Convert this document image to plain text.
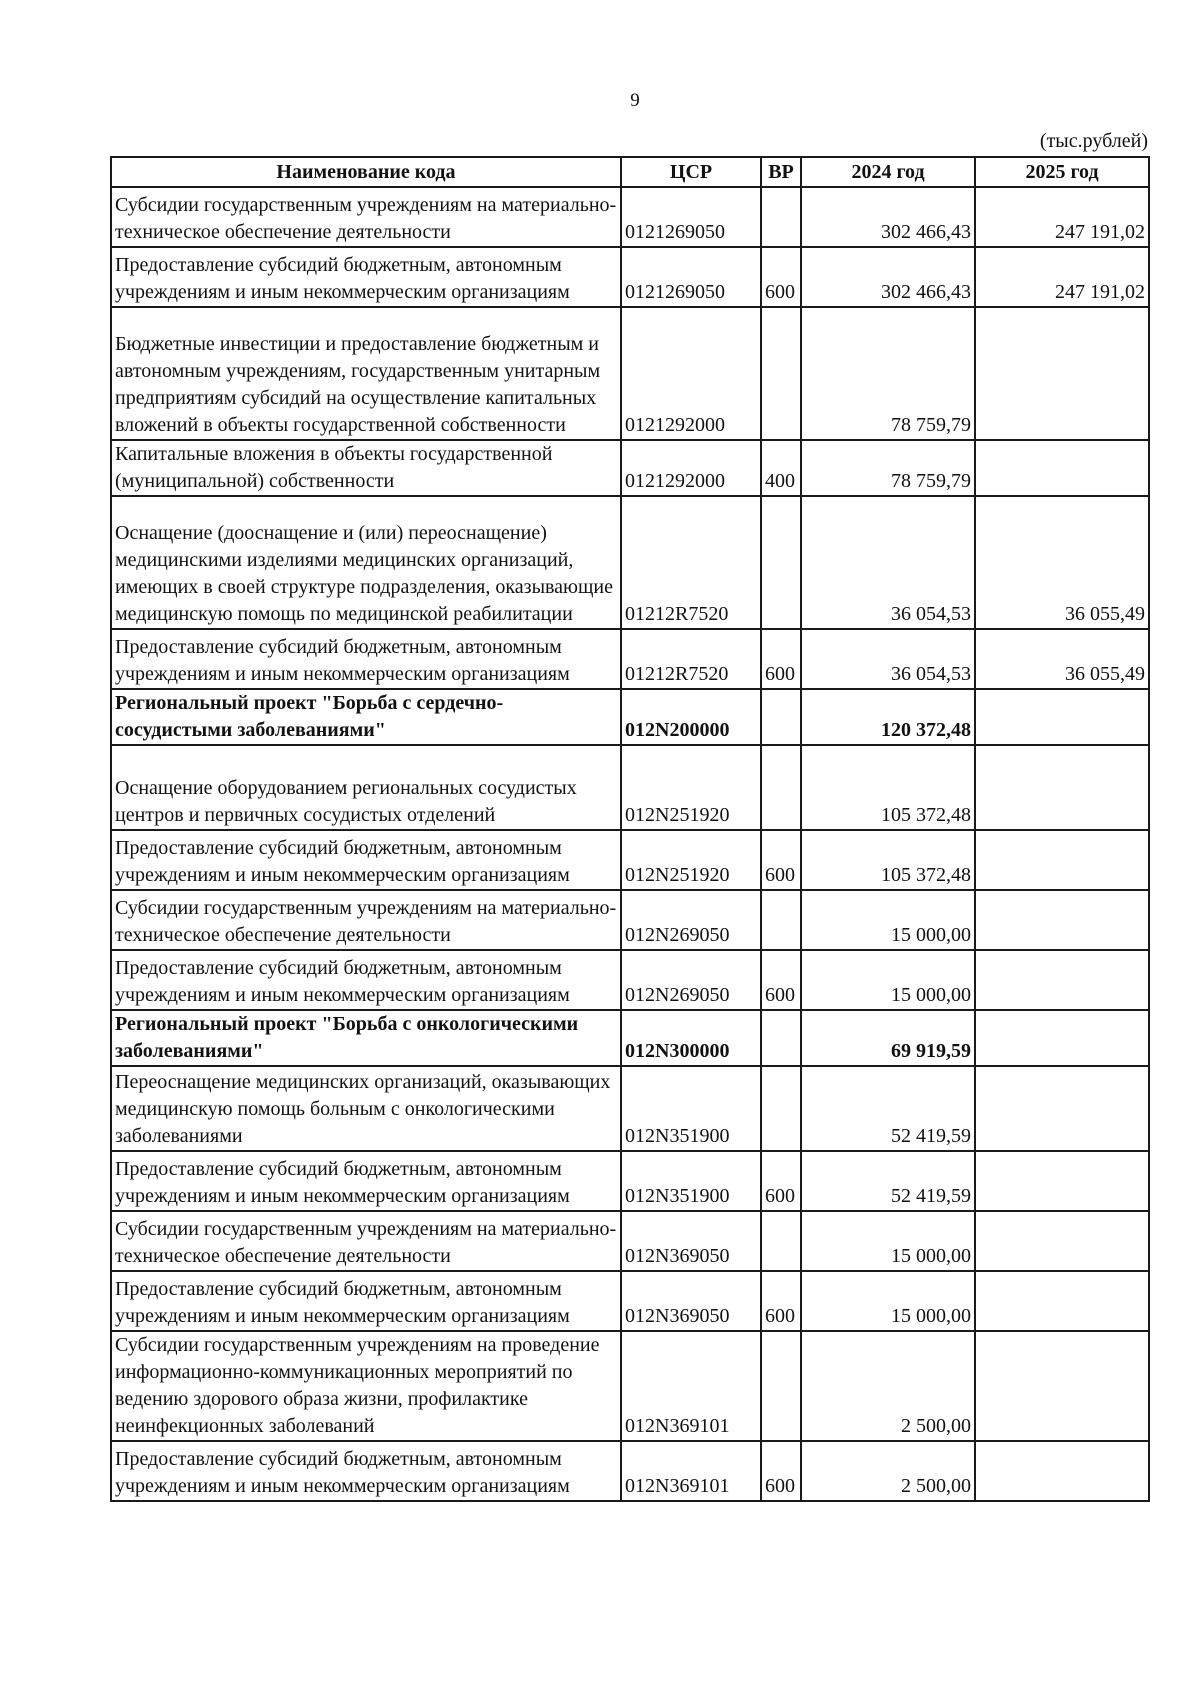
9
(тыс.рублей)
Наименование кода	ЦСР	ВР	2024 год	2025 год
Субсидии государственным учреждениям на материально-техническое обеспечение деятельности	0121269050		302 466,43	247 191,02
Предоставление субсидий бюджетным, автономным учреждениям и иным некоммерческим организациям	0121269050	600	302 466,43	247 191,02
Бюджетные инвестиции и предоставление бюджетным и автономным учреждениям, государственным унитарным предприятиям субсидий на осуществление капитальных вложений в объекты государственной собственности	0121292000		78 759,79	
Капитальные вложения в объекты государственной (муниципальной) собственности	0121292000	400	78 759,79	
Оснащение (дооснащение и (или) переоснащение) медицинскими изделиями медицинских организаций, имеющих в своей структуре подразделения, оказывающие медицинскую помощь по медицинской реабилитации	01212R7520		36 054,53	36 055,49
Предоставление субсидий бюджетным, автономным учреждениям и иным некоммерческим организациям	01212R7520	600	36 054,53	36 055,49
Региональный проект "Борьба с сердечно-сосудистыми заболеваниями"	012N200000		120 372,48	
Оснащение оборудованием региональных сосудистых центров и первичных сосудистых отделений	012N251920		105 372,48	
Предоставление субсидий бюджетным, автономным учреждениям и иным некоммерческим организациям	012N251920	600	105 372,48	
Субсидии государственным учреждениям на материально-техническое обеспечение деятельности	012N269050		15 000,00	
Предоставление субсидий бюджетным, автономным учреждениям и иным некоммерческим организациям	012N269050	600	15 000,00	
Региональный проект "Борьба с онкологическими заболеваниями"	012N300000		69 919,59	
Переоснащение медицинских организаций, оказывающих медицинскую помощь больным с онкологическими заболеваниями	012N351900		52 419,59	
Предоставление субсидий бюджетным, автономным учреждениям и иным некоммерческим организациям	012N351900	600	52 419,59	
Субсидии государственным учреждениям на материально-техническое обеспечение деятельности	012N369050		15 000,00	
Предоставление субсидий бюджетным, автономным учреждениям и иным некоммерческим организациям	012N369050	600	15 000,00	
Субсидии государственным учреждениям на проведение информационно-коммуникационных мероприятий по ведению здорового образа жизни, профилактике неинфекционных заболеваний	012N369101		2 500,00	
Предоставление субсидий бюджетным, автономным учреждениям и иным некоммерческим организациям	012N369101	600	2 500,00	
